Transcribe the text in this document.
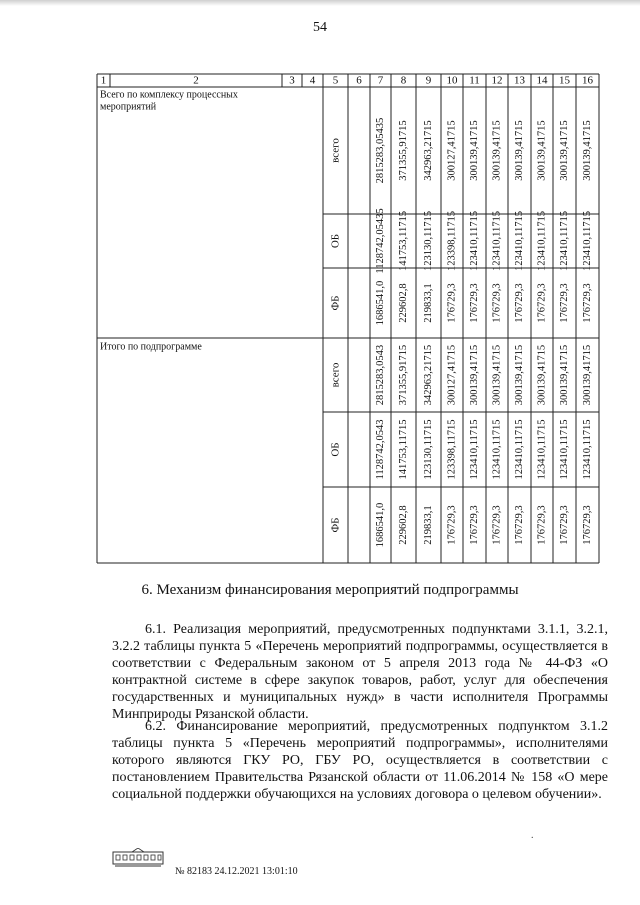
54
1	2	3 4 5 6 7 8 9 10 11 12 13 14 15 16
Всего по комплексу процессных
мероприятий
всего	2815283,05435 371355,91715 342963,21715 300127,41715 300139,41715 300139,41715 300139,41715 300139,41715 300139,41715 300139,41715
ОБ	1128742,05435 141753,11715 123130,11715 123398,11715 123410,11715 123410,11715 123410,11715 123410,11715 123410,11715 123410,11715
ФБ	1686541,0 229602,8 219833,1 176729,3 176729,3 176729,3 176729,3 176729,3 176729,3 176729,3
Итого по подпрограмме
всего	2815283,0543 371355,91715 342963,21715 300127,41715 300139,41715 300139,41715 300139,41715 300139,41715 300139,41715 300139,41715
ОБ	1128742,0543 141753,11715 123130,11715 123398,11715 123410,11715 123410,11715 123410,11715 123410,11715 123410,11715 123410,11715
ФБ	1686541,0 229602,8 219833,1 176729,3 176729,3 176729,3 176729,3 176729,3 176729,3 176729,3
6. Механизм финансирования мероприятий подпрограммы

6.1. Реализация мероприятий, предусмотренных подпунктами 3.1.1, 3.2.1, 3.2.2 таблицы пункта 5 «Перечень мероприятий подпрограммы, осуществляется в соответствии с Федеральным законом от 5 апреля 2013 года № 44-ФЗ «О контрактной системе в сфере закупок товаров, работ, услуг для обеспечения государственных и муниципальных нужд» в части исполнителя Программы Минприроды Рязанской области.

6.2. Финансирование мероприятий, предусмотренных подпунктом 3.1.2 таблицы пункта 5 «Перечень мероприятий подпрограммы», исполнителями которого являются ГКУ РО, ГБУ РО, осуществляется в соответствии с постановлением Правительства Рязанской области от 11.06.2014 № 158 «О мере социальной поддержки обучающихся на условиях договора о целевом обучении».

.
№ 82183 24.12.2021 13:01:10
